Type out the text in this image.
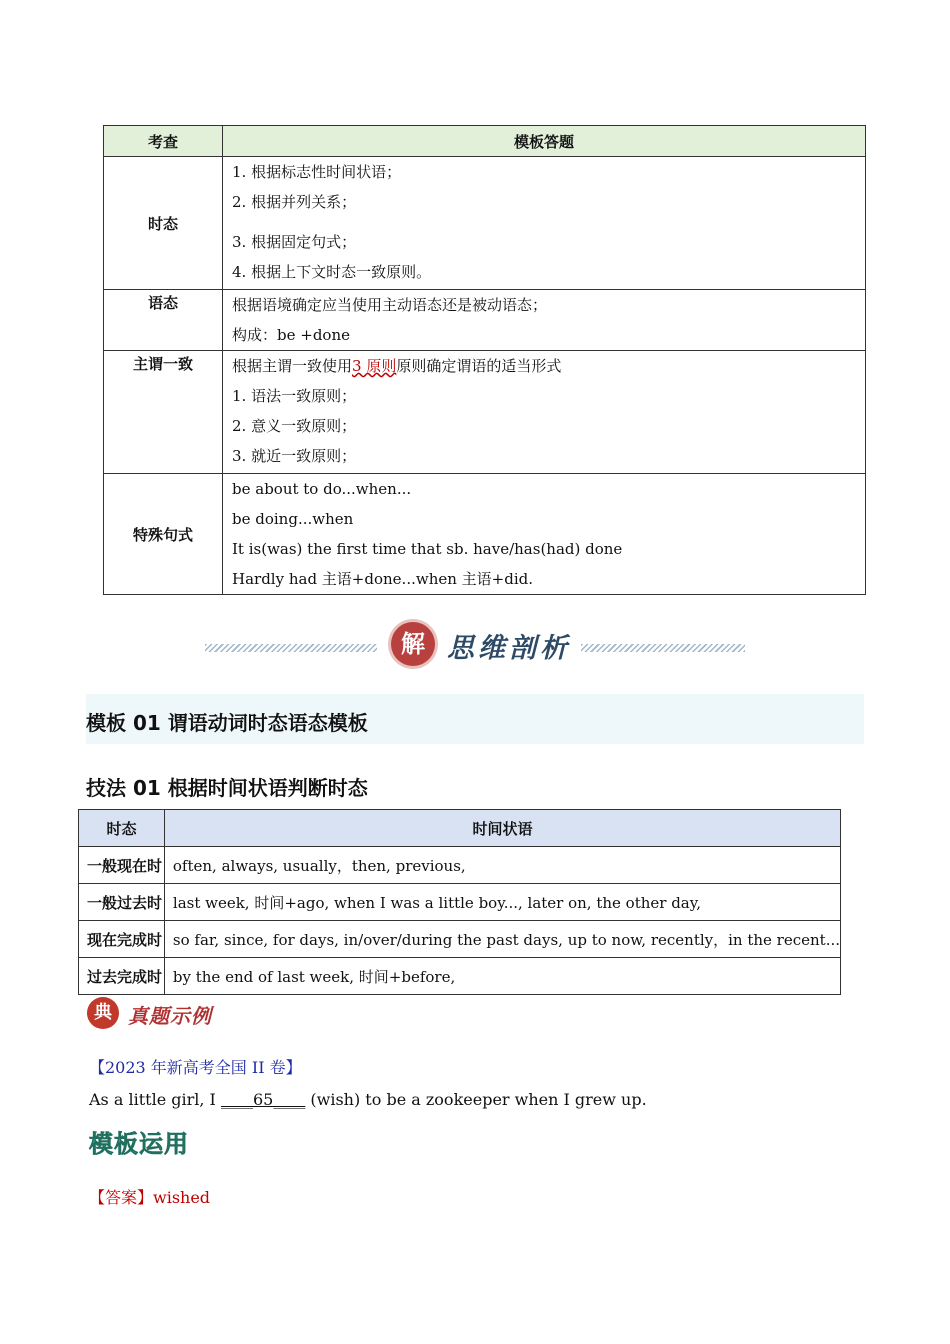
考查	模板答题
时态	1. 根据标志性时间状语；
2. 根据并列关系；
3. 根据固定句式；
4. 根据上下文时态一致原则。

语态	根据语境确定应当使用主动语态还是被动语态；
构成：be +done

主谓一致	根据主谓一致使用3 原则原则确定谓语的适当形式
1. 语法一致原则；
2. 意义一致原则；
3. 就近一致原则；

特殊句式	be about to do...when...
be doing...when
It is(was) the first time that sb. have/has(had) done
Hardly had 主语+done...when 主语+did.
解 思维剖析
模板 01 谓语动词时态语态模板
技法 01 根据时间状语判断时态
时态	时间状语
一般现在时	often, always, usually，then, previous,
一般过去时	last week, 时间+ago, when I was a little boy..., later on, the other day,
现在完成时	so far, since, for days, in/over/during the past days, up to now, recently，in the recent...
过去完成时	by the end of last week, 时间+before,
典 真题示例
【2023 年新高考全国 II 卷】
As a little girl, I ____65____ (wish) to be a zookeeper when I grew up.
模板运用
【答案】wished
